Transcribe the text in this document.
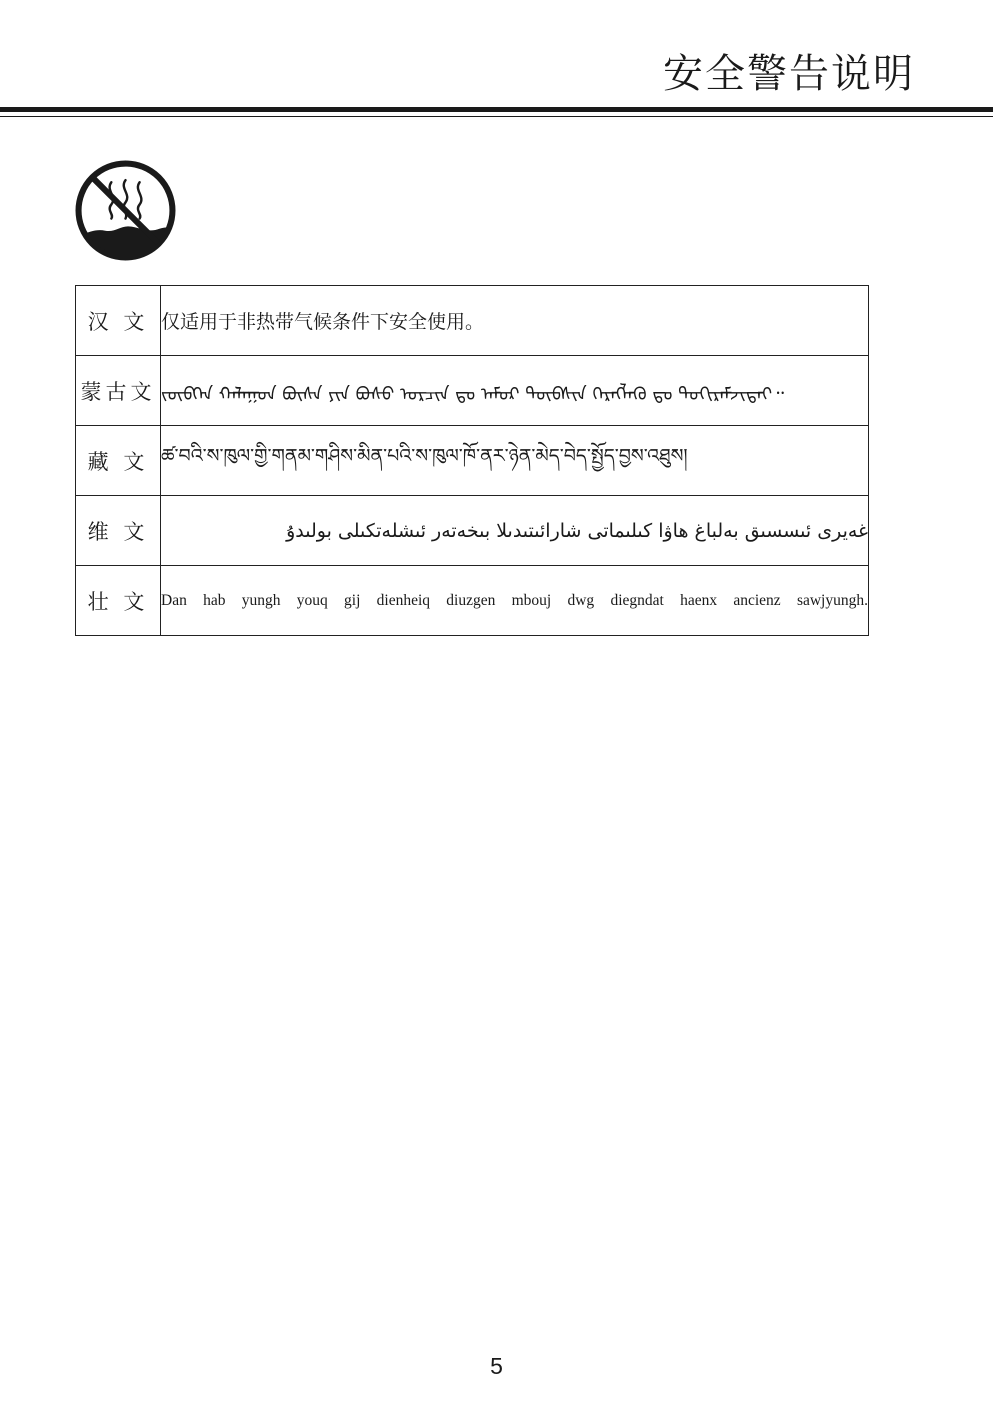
安全警告说明
汉 文	仅适用于非热带气候条件下安全使用。
蒙古文	ᠵᠥᠪᠬᠡᠨ ᠬᠠᠯᠠᠭᠤᠨ ᠪᠦᠰᠡ ᠶᠢᠨ ᠪᠤᠰᠤ ᠤᠷᠴᠢᠨ ᠳᠤ ᠠᠮᠤᠷ ᠲᠦᠪᠰᠢᠨ ᠬᠡᠷᠡᠭᠯᠡᠬᠦ ᠳᠤ ᠲᠣᠬᠢᠷᠠᠮᠵᠢᠲᠠᠢ᠃
藏 文	ཚ་བའི་ས་ཁུལ་གྱི་གནམ་གཤིས་མིན་པའི་ས་ཁུལ་ཁོ་ནར་ཉེན་མེད་བེད་སྤྱོད་བྱས་འཐུས།
维 文	غەيرى ئىسسىق بەلباغ ھاۋا كىلىماتى شارائىتىدىلا بىخەتەر ئىشلەتكىلى بولىدۇ
壮 文	Dan hab yungh youq gij dienheiq diuzgen mbouj dwg diegndat haenx ancienz sawjyungh.
5
